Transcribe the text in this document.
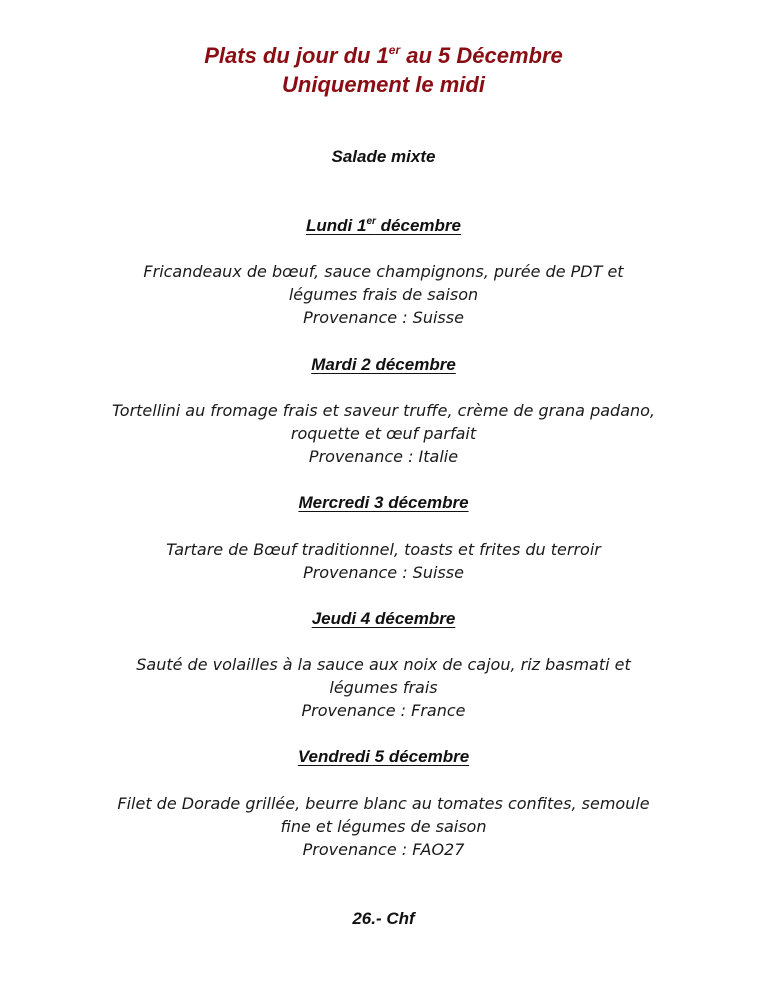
Plats du jour du 1er au 5 Décembre
Uniquement le midi
Salade mixte
Lundi 1er décembre
Fricandeaux de bœuf, sauce champignons, purée de PDT et
légumes frais de saison
Provenance : Suisse
Mardi 2 décembre
Tortellini au fromage frais et saveur truffe, crème de grana padano,
roquette et œuf parfait
Provenance : Italie
Mercredi 3 décembre
Tartare de Bœuf traditionnel, toasts et frites du terroir
Provenance : Suisse
Jeudi 4 décembre
Sauté de volailles à la sauce aux noix de cajou, riz basmati et
légumes frais
Provenance : France
Vendredi 5 décembre
Filet de Dorade grillée, beurre blanc au tomates confites, semoule
fine et légumes de saison
Provenance : FAO27
26.- Chf
